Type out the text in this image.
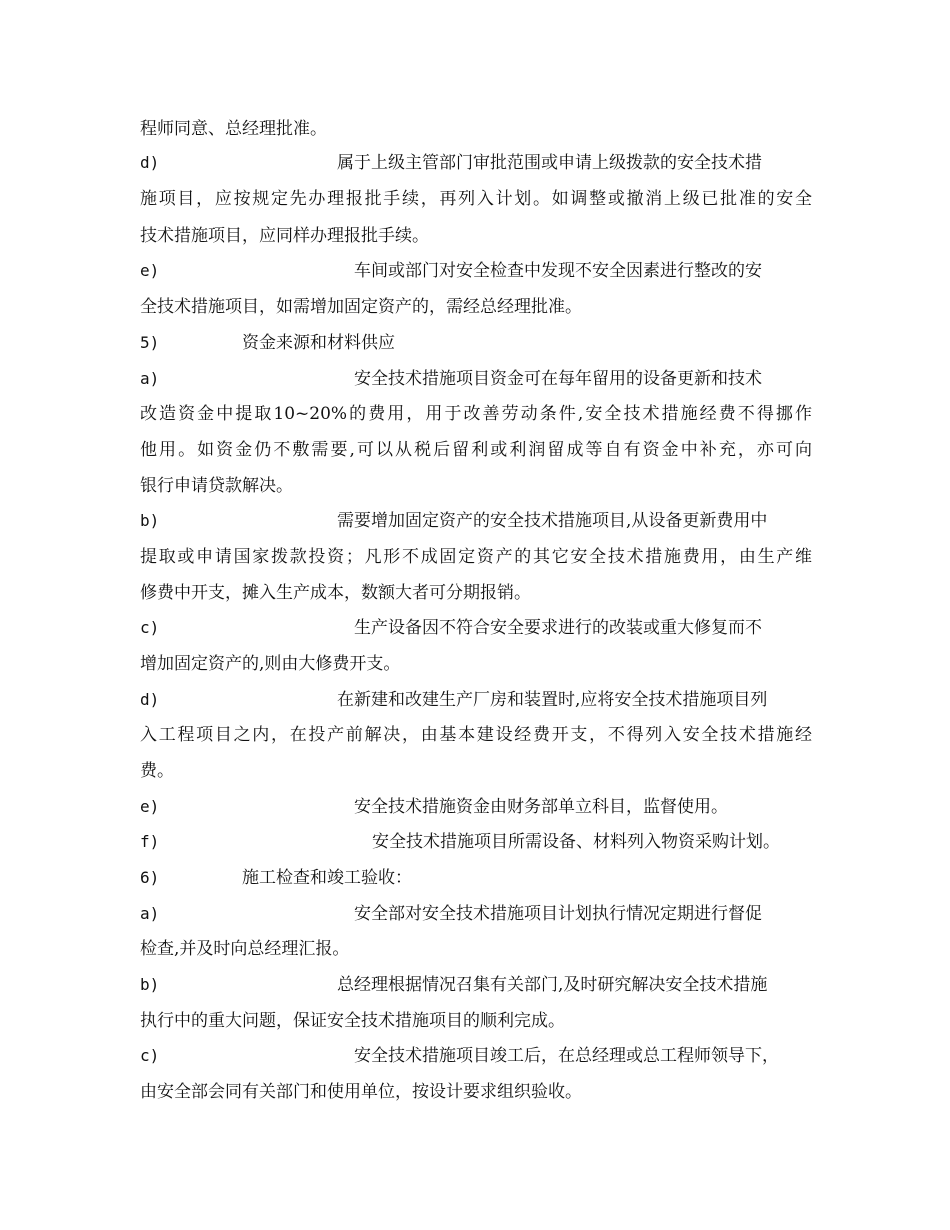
程师同意、总经理批准。
d)	属于上级主管部门审批范围或申请上级拨款的安全技术措
施项目，应按规定先办理报批手续，再列入计划。如调整或撤消上级已批准的安全
技术措施项目，应同样办理报批手续。
e)	车间或部门对安全检查中发现不安全因素进行整改的安
全技术措施项目，如需增加固定资产的，需经总经理批准。
5)	资金来源和材料供应
a)	安全技术措施项目资金可在每年留用的设备更新和技术
改造资金中提取10~20%的费用，用于改善劳动条件,安全技术措施经费不得挪作
他用。如资金仍不敷需要,可以从税后留利或利润留成等自有资金中补充，亦可向
银行申请贷款解决。
b)	需要增加固定资产的安全技术措施项目,从设备更新费用中
提取或申请国家拨款投资；凡形不成固定资产的其它安全技术措施费用，由生产维
修费中开支，摊入生产成本，数额大者可分期报销。
c)	生产设备因不符合安全要求进行的改装或重大修复而不
增加固定资产的,则由大修费开支。
d)	在新建和改建生产厂房和装置时,应将安全技术措施项目列
入工程项目之内，在投产前解决，由基本建设经费开支，不得列入安全技术措施经
费。
e)	安全技术措施资金由财务部单立科目，监督使用。
f)	安全技术措施项目所需设备、材料列入物资采购计划。
6)	施工检查和竣工验收：
a)	安全部对安全技术措施项目计划执行情况定期进行督促
检查,并及时向总经理汇报。
b)	总经理根据情况召集有关部门,及时研究解决安全技术措施
执行中的重大问题，保证安全技术措施项目的顺利完成。
c)	安全技术措施项目竣工后，在总经理或总工程师领导下，
由安全部会同有关部门和使用单位，按设计要求组织验收。
